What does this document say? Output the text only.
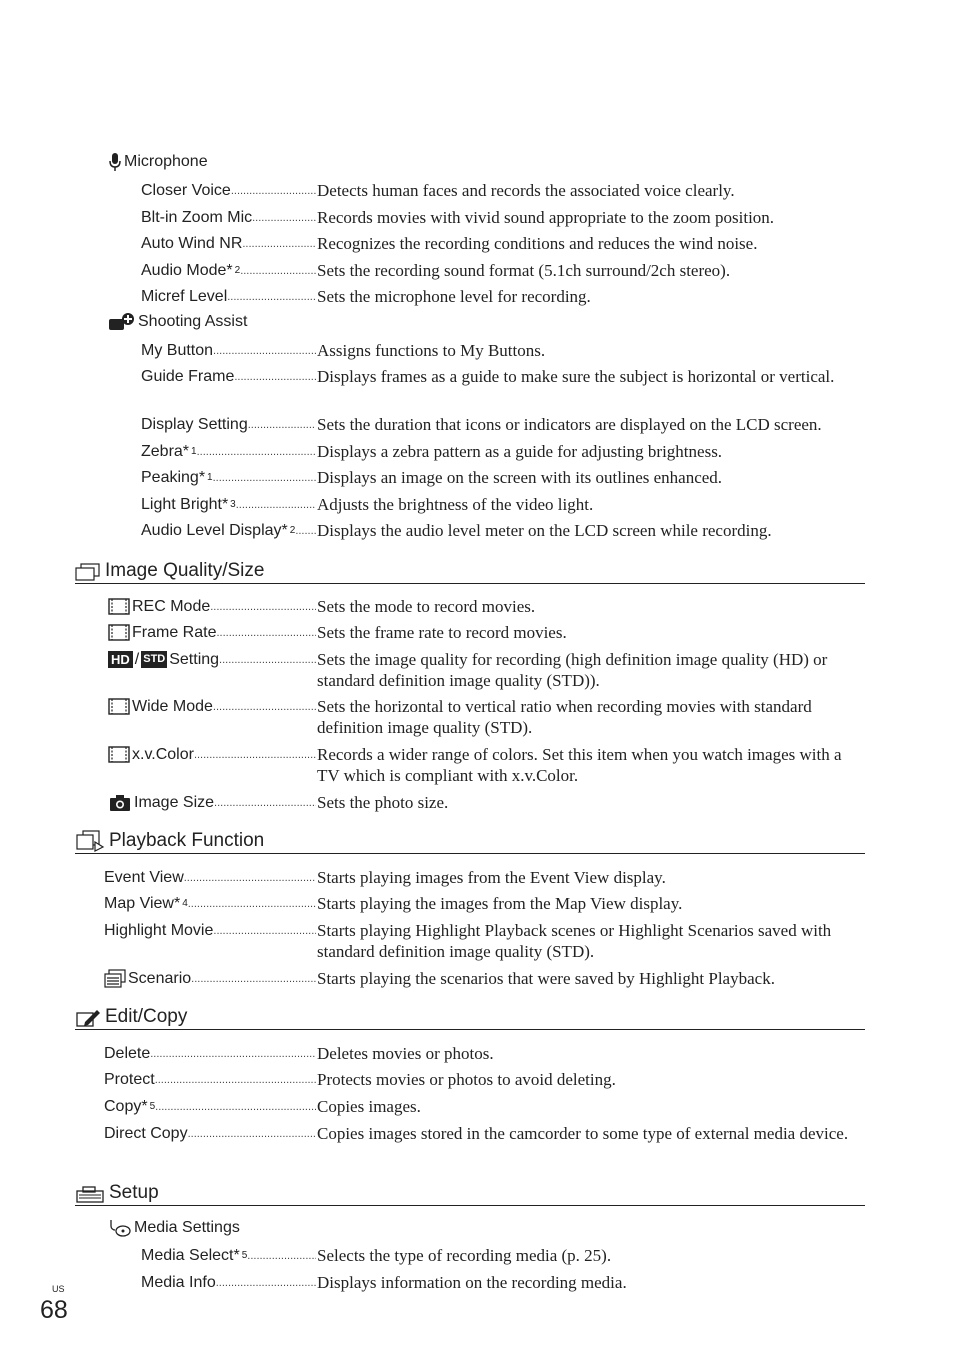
Microphone
Closer Voice .....	Detects human faces and records the associated voice clearly.
Blt-in Zoom Mic .....	Records movies with vivid sound appropriate to the zoom position.
Auto Wind NR .....	Recognizes the recording conditions and reduces the wind noise.
Audio Mode* 2 .....	Sets the recording sound format (5.1ch surround/2ch stereo).
Micref Level .....	Sets the microphone level for recording.
Shooting Assist
My Button .....	Assigns functions to My Buttons.
Guide Frame .....	Displays frames as a guide to make sure the subject is horizontal or vertical.
Display Setting .....	Sets the duration that icons or indicators are displayed on the LCD screen.
Zebra* 1 .....	Displays a zebra pattern as a guide for adjusting brightness.
Peaking* 1 .....	Displays an image on the screen with its outlines enhanced.
Light Bright* 3 .....	Adjusts the brightness of the video light.
Audio Level Display* 2 ..... Displays the audio level meter on the LCD screen while recording.
Image Quality/Size
REC Mode .....	Sets the mode to record movies.
Frame Rate .....	Sets the frame rate to record movies.
HD / STD Setting .....	Sets the image quality for recording (high definition image quality (HD) or standard definition image quality (STD)).
Wide Mode .....	Sets the horizontal to vertical ratio when recording movies with standard definition image quality (STD).
x.v.Color .....	Records a wider range of colors. Set this item when you watch images with a TV which is compliant with x.v.Color.
Image Size .....	Sets the photo size.
Playback Function
Event View .....	Starts playing images from the Event View display.
Map View* 4 .....	Starts playing the images from the Map View display.
Highlight Movie .....	Starts playing Highlight Playback scenes or Highlight Scenarios saved with standard definition image quality (STD).
Scenario .....	Starts playing the scenarios that were saved by Highlight Playback.
Edit/Copy
Delete .....	Deletes movies or photos.
Protect .....	Protects movies or photos to avoid deleting.
Copy* 5 .....	Copies images.
Direct Copy .....	Copies images stored in the camcorder to some type of external media device.
Setup
Media Settings
Media Select* 5 .....	Selects the type of recording media (p. 25).
Media Info .....	Displays information on the recording media.
US
68
